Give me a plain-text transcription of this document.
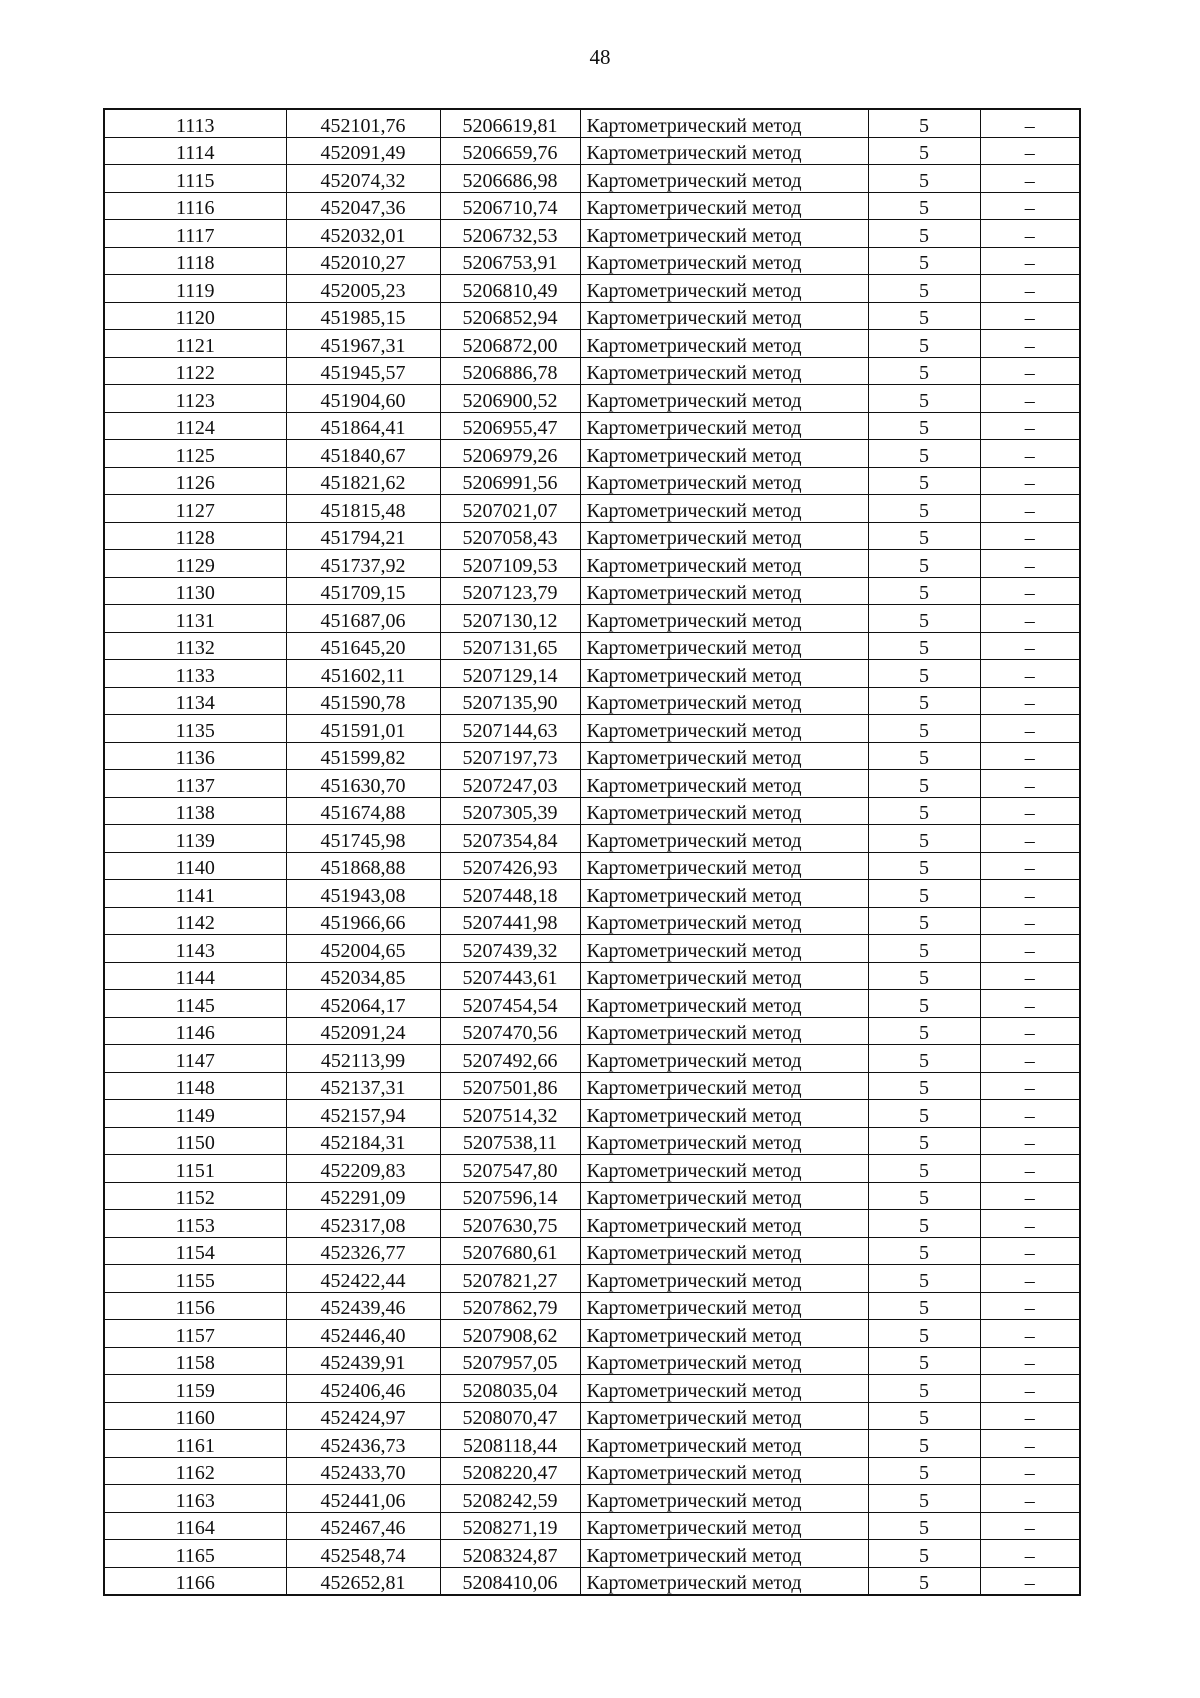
48
1113	452101,76	5206619,81	Картометрический метод	5	–
1114	452091,49	5206659,76	Картометрический метод	5	–
1115	452074,32	5206686,98	Картометрический метод	5	–
1116	452047,36	5206710,74	Картометрический метод	5	–
1117	452032,01	5206732,53	Картометрический метод	5	–
1118	452010,27	5206753,91	Картометрический метод	5	–
1119	452005,23	5206810,49	Картометрический метод	5	–
1120	451985,15	5206852,94	Картометрический метод	5	–
1121	451967,31	5206872,00	Картометрический метод	5	–
1122	451945,57	5206886,78	Картометрический метод	5	–
1123	451904,60	5206900,52	Картометрический метод	5	–
1124	451864,41	5206955,47	Картометрический метод	5	–
1125	451840,67	5206979,26	Картометрический метод	5	–
1126	451821,62	5206991,56	Картометрический метод	5	–
1127	451815,48	5207021,07	Картометрический метод	5	–
1128	451794,21	5207058,43	Картометрический метод	5	–
1129	451737,92	5207109,53	Картометрический метод	5	–
1130	451709,15	5207123,79	Картометрический метод	5	–
1131	451687,06	5207130,12	Картометрический метод	5	–
1132	451645,20	5207131,65	Картометрический метод	5	–
1133	451602,11	5207129,14	Картометрический метод	5	–
1134	451590,78	5207135,90	Картометрический метод	5	–
1135	451591,01	5207144,63	Картометрический метод	5	–
1136	451599,82	5207197,73	Картометрический метод	5	–
1137	451630,70	5207247,03	Картометрический метод	5	–
1138	451674,88	5207305,39	Картометрический метод	5	–
1139	451745,98	5207354,84	Картометрический метод	5	–
1140	451868,88	5207426,93	Картометрический метод	5	–
1141	451943,08	5207448,18	Картометрический метод	5	–
1142	451966,66	5207441,98	Картометрический метод	5	–
1143	452004,65	5207439,32	Картометрический метод	5	–
1144	452034,85	5207443,61	Картометрический метод	5	–
1145	452064,17	5207454,54	Картометрический метод	5	–
1146	452091,24	5207470,56	Картометрический метод	5	–
1147	452113,99	5207492,66	Картометрический метод	5	–
1148	452137,31	5207501,86	Картометрический метод	5	–
1149	452157,94	5207514,32	Картометрический метод	5	–
1150	452184,31	5207538,11	Картометрический метод	5	–
1151	452209,83	5207547,80	Картометрический метод	5	–
1152	452291,09	5207596,14	Картометрический метод	5	–
1153	452317,08	5207630,75	Картометрический метод	5	–
1154	452326,77	5207680,61	Картометрический метод	5	–
1155	452422,44	5207821,27	Картометрический метод	5	–
1156	452439,46	5207862,79	Картометрический метод	5	–
1157	452446,40	5207908,62	Картометрический метод	5	–
1158	452439,91	5207957,05	Картометрический метод	5	–
1159	452406,46	5208035,04	Картометрический метод	5	–
1160	452424,97	5208070,47	Картометрический метод	5	–
1161	452436,73	5208118,44	Картометрический метод	5	–
1162	452433,70	5208220,47	Картометрический метод	5	–
1163	452441,06	5208242,59	Картометрический метод	5	–
1164	452467,46	5208271,19	Картометрический метод	5	–
1165	452548,74	5208324,87	Картометрический метод	5	–
1166	452652,81	5208410,06	Картометрический метод	5	–
